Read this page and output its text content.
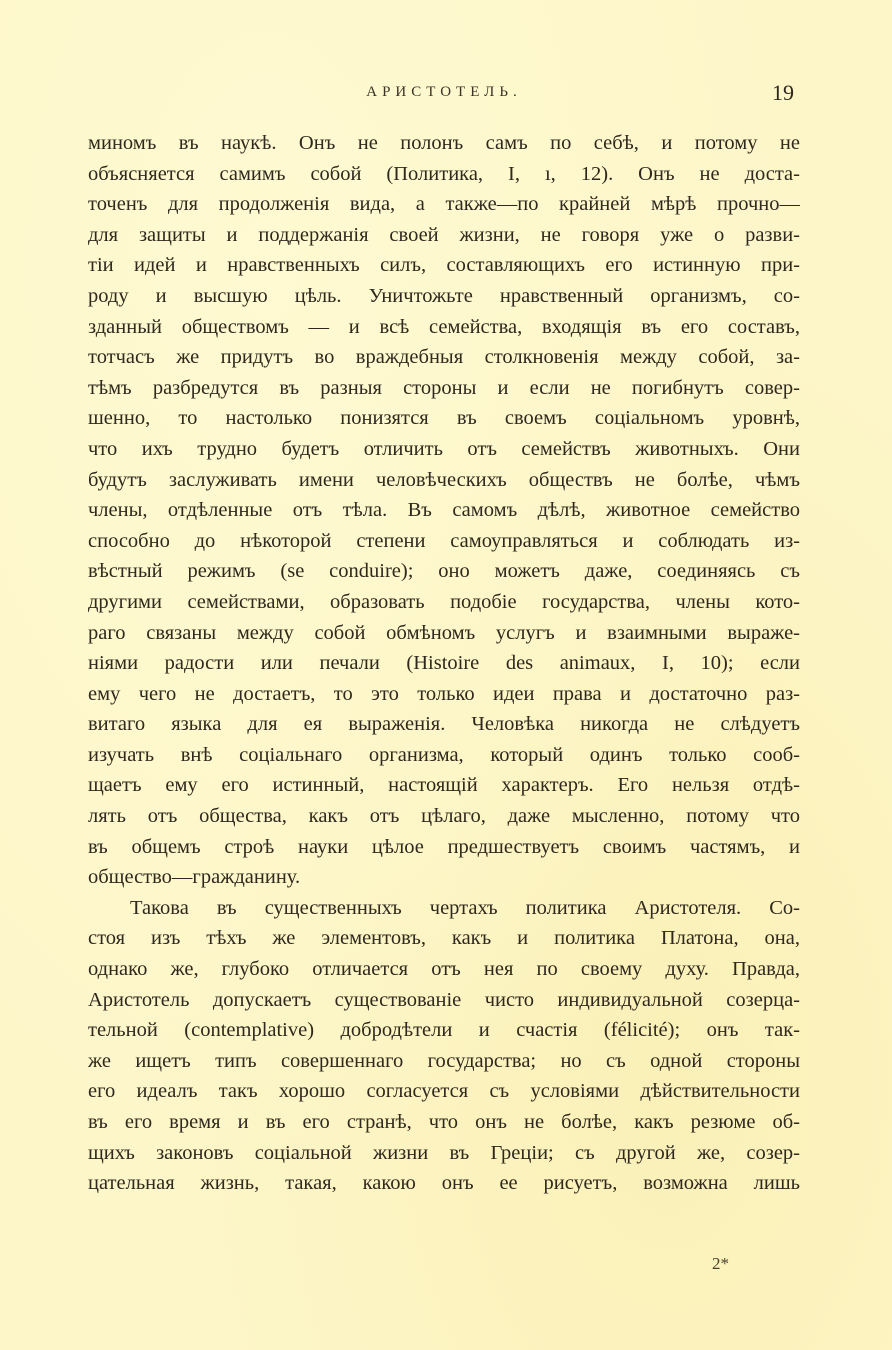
АРИСТОТЕЛЬ.	19
миномъ въ наукѣ. Онъ не полонъ самъ по себѣ, и потому не
объясняется самимъ собой (Политика, I, ı, 12). Онъ не доста-
точенъ для продолженія вида, а также—по крайней мѣрѣ прочно—
для защиты и поддержанія своей жизни, не говоря уже о разви-
тіи идей и нравственныхъ силъ, составляющихъ его истинную при-
роду и высшую цѣль. Уничтожьте нравственный организмъ, со-
зданный обществомъ — и всѣ семейства, входящія въ его составъ,
тотчасъ же придутъ во враждебныя столкновенія между собой, за-
тѣмъ разбредутся въ разныя стороны и если не погибнутъ совер-
шенно, то настолько понизятся въ своемъ соціальномъ уровнѣ,
что ихъ трудно будетъ отличить отъ семействъ животныхъ. Они
будутъ заслуживать имени человѣческихъ обществъ не болѣе, чѣмъ
члены, отдѣленные отъ тѣла. Въ самомъ дѣлѣ, животное семейство
способно до нѣкоторой степени самоуправляться и соблюдать из-
вѣстный режимъ (se conduire); оно можетъ даже, соединяясь съ
другими семействами, образовать подобіе государства, члены кото-
раго связаны между собой обмѣномъ услугъ и взаимными выраже-
ніями радости или печали (Histoire des animaux, I, 10); если
ему чего не достаетъ, то это только идеи права и достаточно раз-
витаго языка для ея выраженія. Человѣка никогда не слѣдуетъ
изучать внѣ соціальнаго организма, который одинъ только сооб-
щаетъ ему его истинный, настоящій характеръ. Его нельзя отдѣ-
лять отъ общества, какъ отъ цѣлаго, даже мысленно, потому что
въ общемъ строѣ науки цѣлое предшествуетъ своимъ частямъ, и
общество—гражданину.
Такова въ существенныхъ чертахъ политика Аристотеля. Со-
стоя изъ тѣхъ же элементовъ, какъ и политика Платона, она,
однако же, глубоко отличается отъ нея по своему духу. Правда,
Аристотель допускаетъ существованіе чисто индивидуальной созерца-
тельной (contemplative) добродѣтели и счастія (félicité); онъ так-
же ищетъ типъ совершеннаго государства; но съ одной стороны
его идеалъ такъ хорошо согласуется съ условіями дѣйствительности
въ его время и въ его странѣ, что онъ не болѣе, какъ резюме об-
щихъ законовъ соціальной жизни въ Греціи; съ другой же, созер-
цательная жизнь, такая, какою онъ ее рисуетъ, возможна лишь
2*
